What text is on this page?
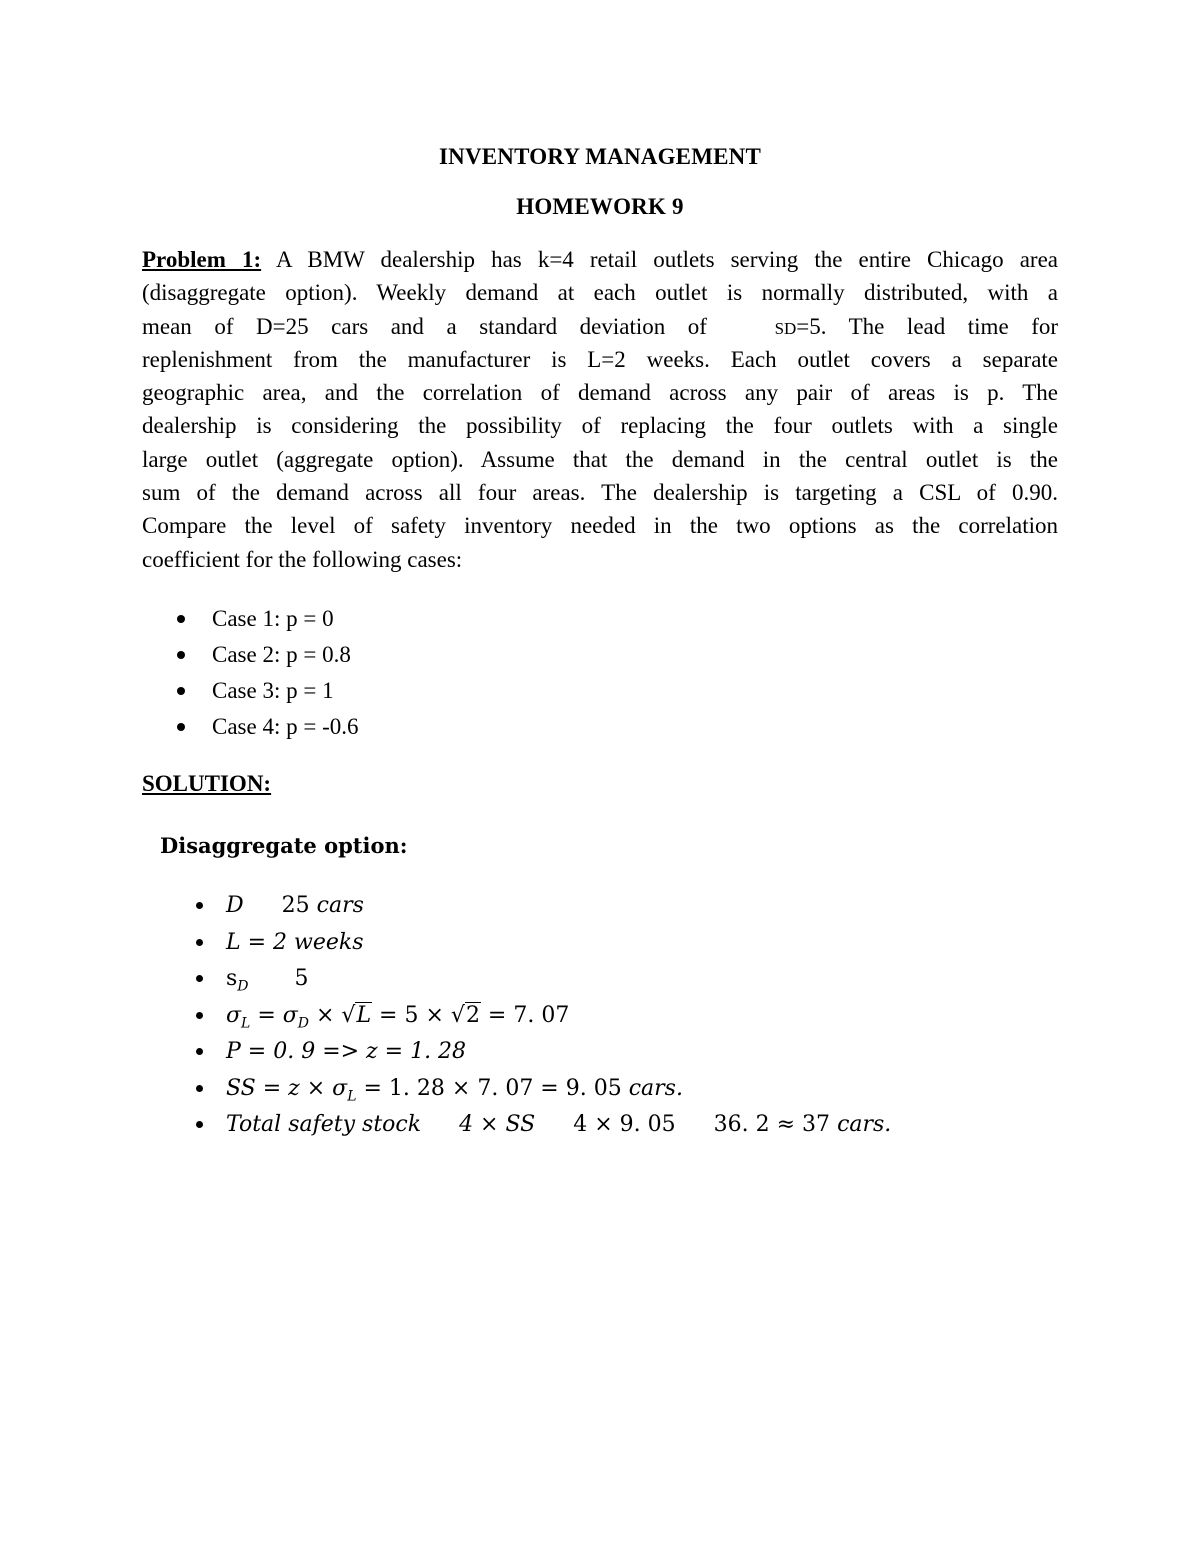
INVENTORY MANAGEMENT
HOMEWORK 9
Problem 1: A BMW dealership has k=4 retail outlets serving the entire Chicago area
(disaggregate option). Weekly demand at each outlet is normally distributed, with a
mean of D=25 cars and a standard deviation of	SD=5. The lead time for
replenishment from the manufacturer is L=2 weeks. Each outlet covers a separate
geographic area, and the correlation of demand across any pair of areas is p. The
dealership is considering the possibility of replacing the four outlets with a single
large outlet (aggregate option). Assume that the demand in the central outlet is the
sum of the demand across all four areas. The dealership is targeting a CSL of 0.90.
Compare the level of safety inventory needed in the two options as the correlation
coefficient for the following cases:
Case 1: p = 0
Case 2: p = 0.8
Case 3: p = 1
Case 4: p = -0.6
SOLUTION:
Disaggregate option:
D 25 cars
L = 2 weeks
$s_D$ 5
$\sigma_L = \sigma_D \times √L = 5 \times √2 = 7$. 07
P = 0. 9 => z = 1. 28
SS = $z \times \sigma_L = 1$. 28 × 7. 07 = 9. 05 cars.
Total safety stock 4 × SS 4 × 9. 05 36. 2 ≈ 37 cars.
